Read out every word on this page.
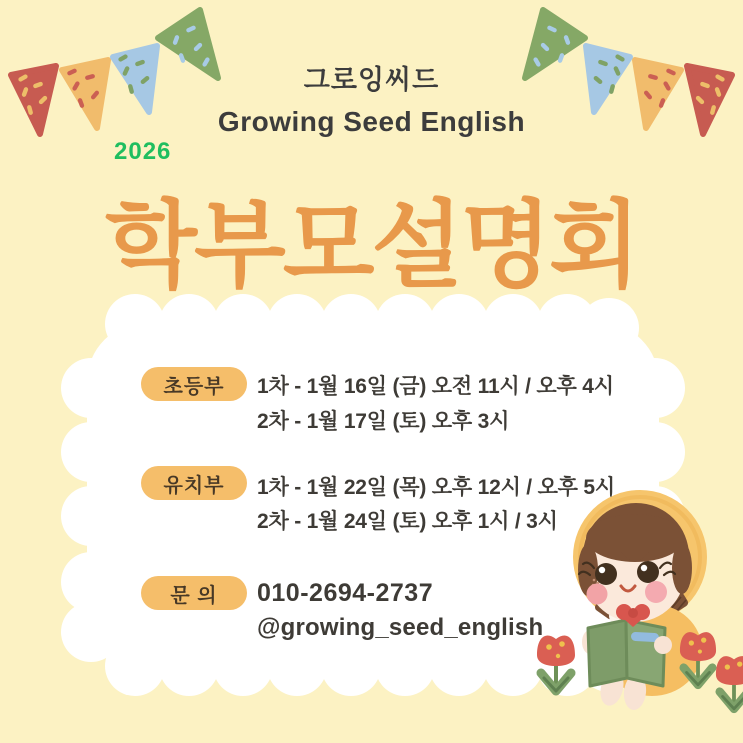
그로잉씨드
Growing Seed English
2026
학부모설명회
초등부	1차 - 1월 16일 (금) 오전 11시 / 오후 4시
2차 - 1월 17일 (토) 오후 3시
유치부	1차 - 1월 22일 (목) 오후 12시 / 오후 5시
2차 - 1월 24일 (토) 오후 1시 / 3시
문 의	010-2694-2737
@growing_seed_english
